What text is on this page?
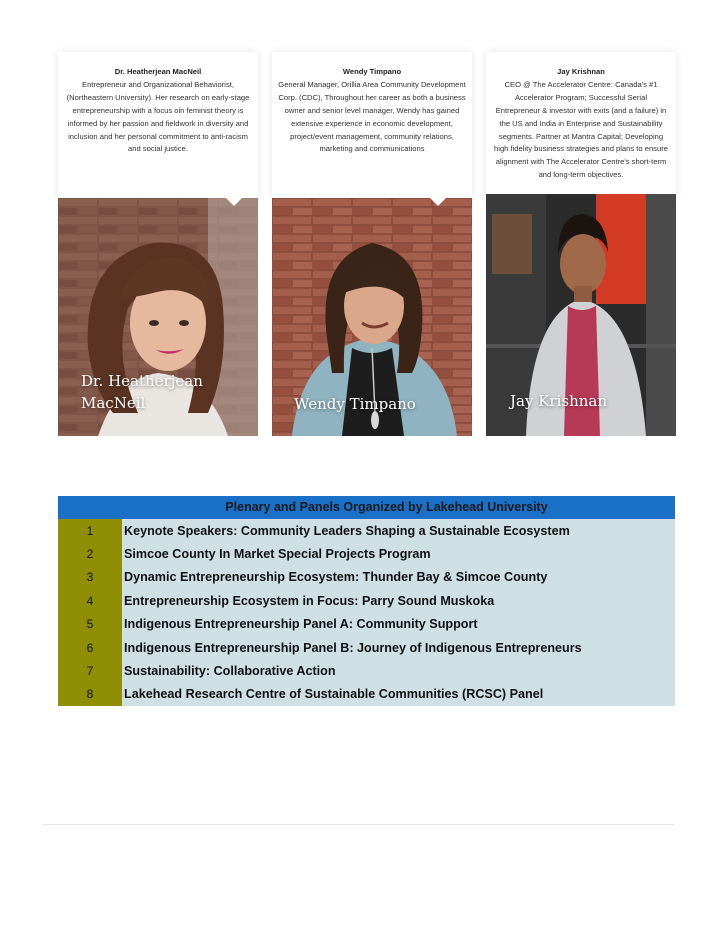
Dr. Heatherjean MacNeil
Entrepreneur and Organizational Behaviorist, (Northeastern University). Her research on early-stage entrepreneurship with a focus oin feminist theory is informed by her passion and fieldwork in diversity and inclusion and her personal commitment to anti-racism and social justice.
Dr. Heatherjean
MacNeil
Wendy Timpano
General Manager, Orillia Area Community Development Corp. (CDC), Throughout her career as both a business owner and senior level manager, Wendy has gained extensive experience in economic development, project/event management, community relations, marketing and communications
Wendy Timpano
Jay Krishnan
CEO @ The Accelerator Centre: Canada's #1 Accelerator Program; Successful Serial Entrepreneur & investor with exits (and a failure) in the US and India in Enterprise and Sustainability segments. Partner at Mantra Capital; Developing high fidelity business strategies and plans to ensure alignment with The Accelerator Centre's short-term and long-term objectives.
Jay Krishnan
Plenary and Panels Organized by Lakehead University
1	Keynote Speakers: Community Leaders Shaping a Sustainable Ecosystem
2	Simcoe County In Market Special Projects Program
3	Dynamic Entrepreneurship Ecosystem: Thunder Bay & Simcoe County
4	Entrepreneurship Ecosystem in Focus: Parry Sound Muskoka
5	Indigenous Entrepreneurship Panel A: Community Support
6	Indigenous Entrepreneurship Panel B: Journey of Indigenous Entrepreneurs
7	Sustainability: Collaborative Action
8	Lakehead Research Centre of Sustainable Communities (RCSC) Panel
